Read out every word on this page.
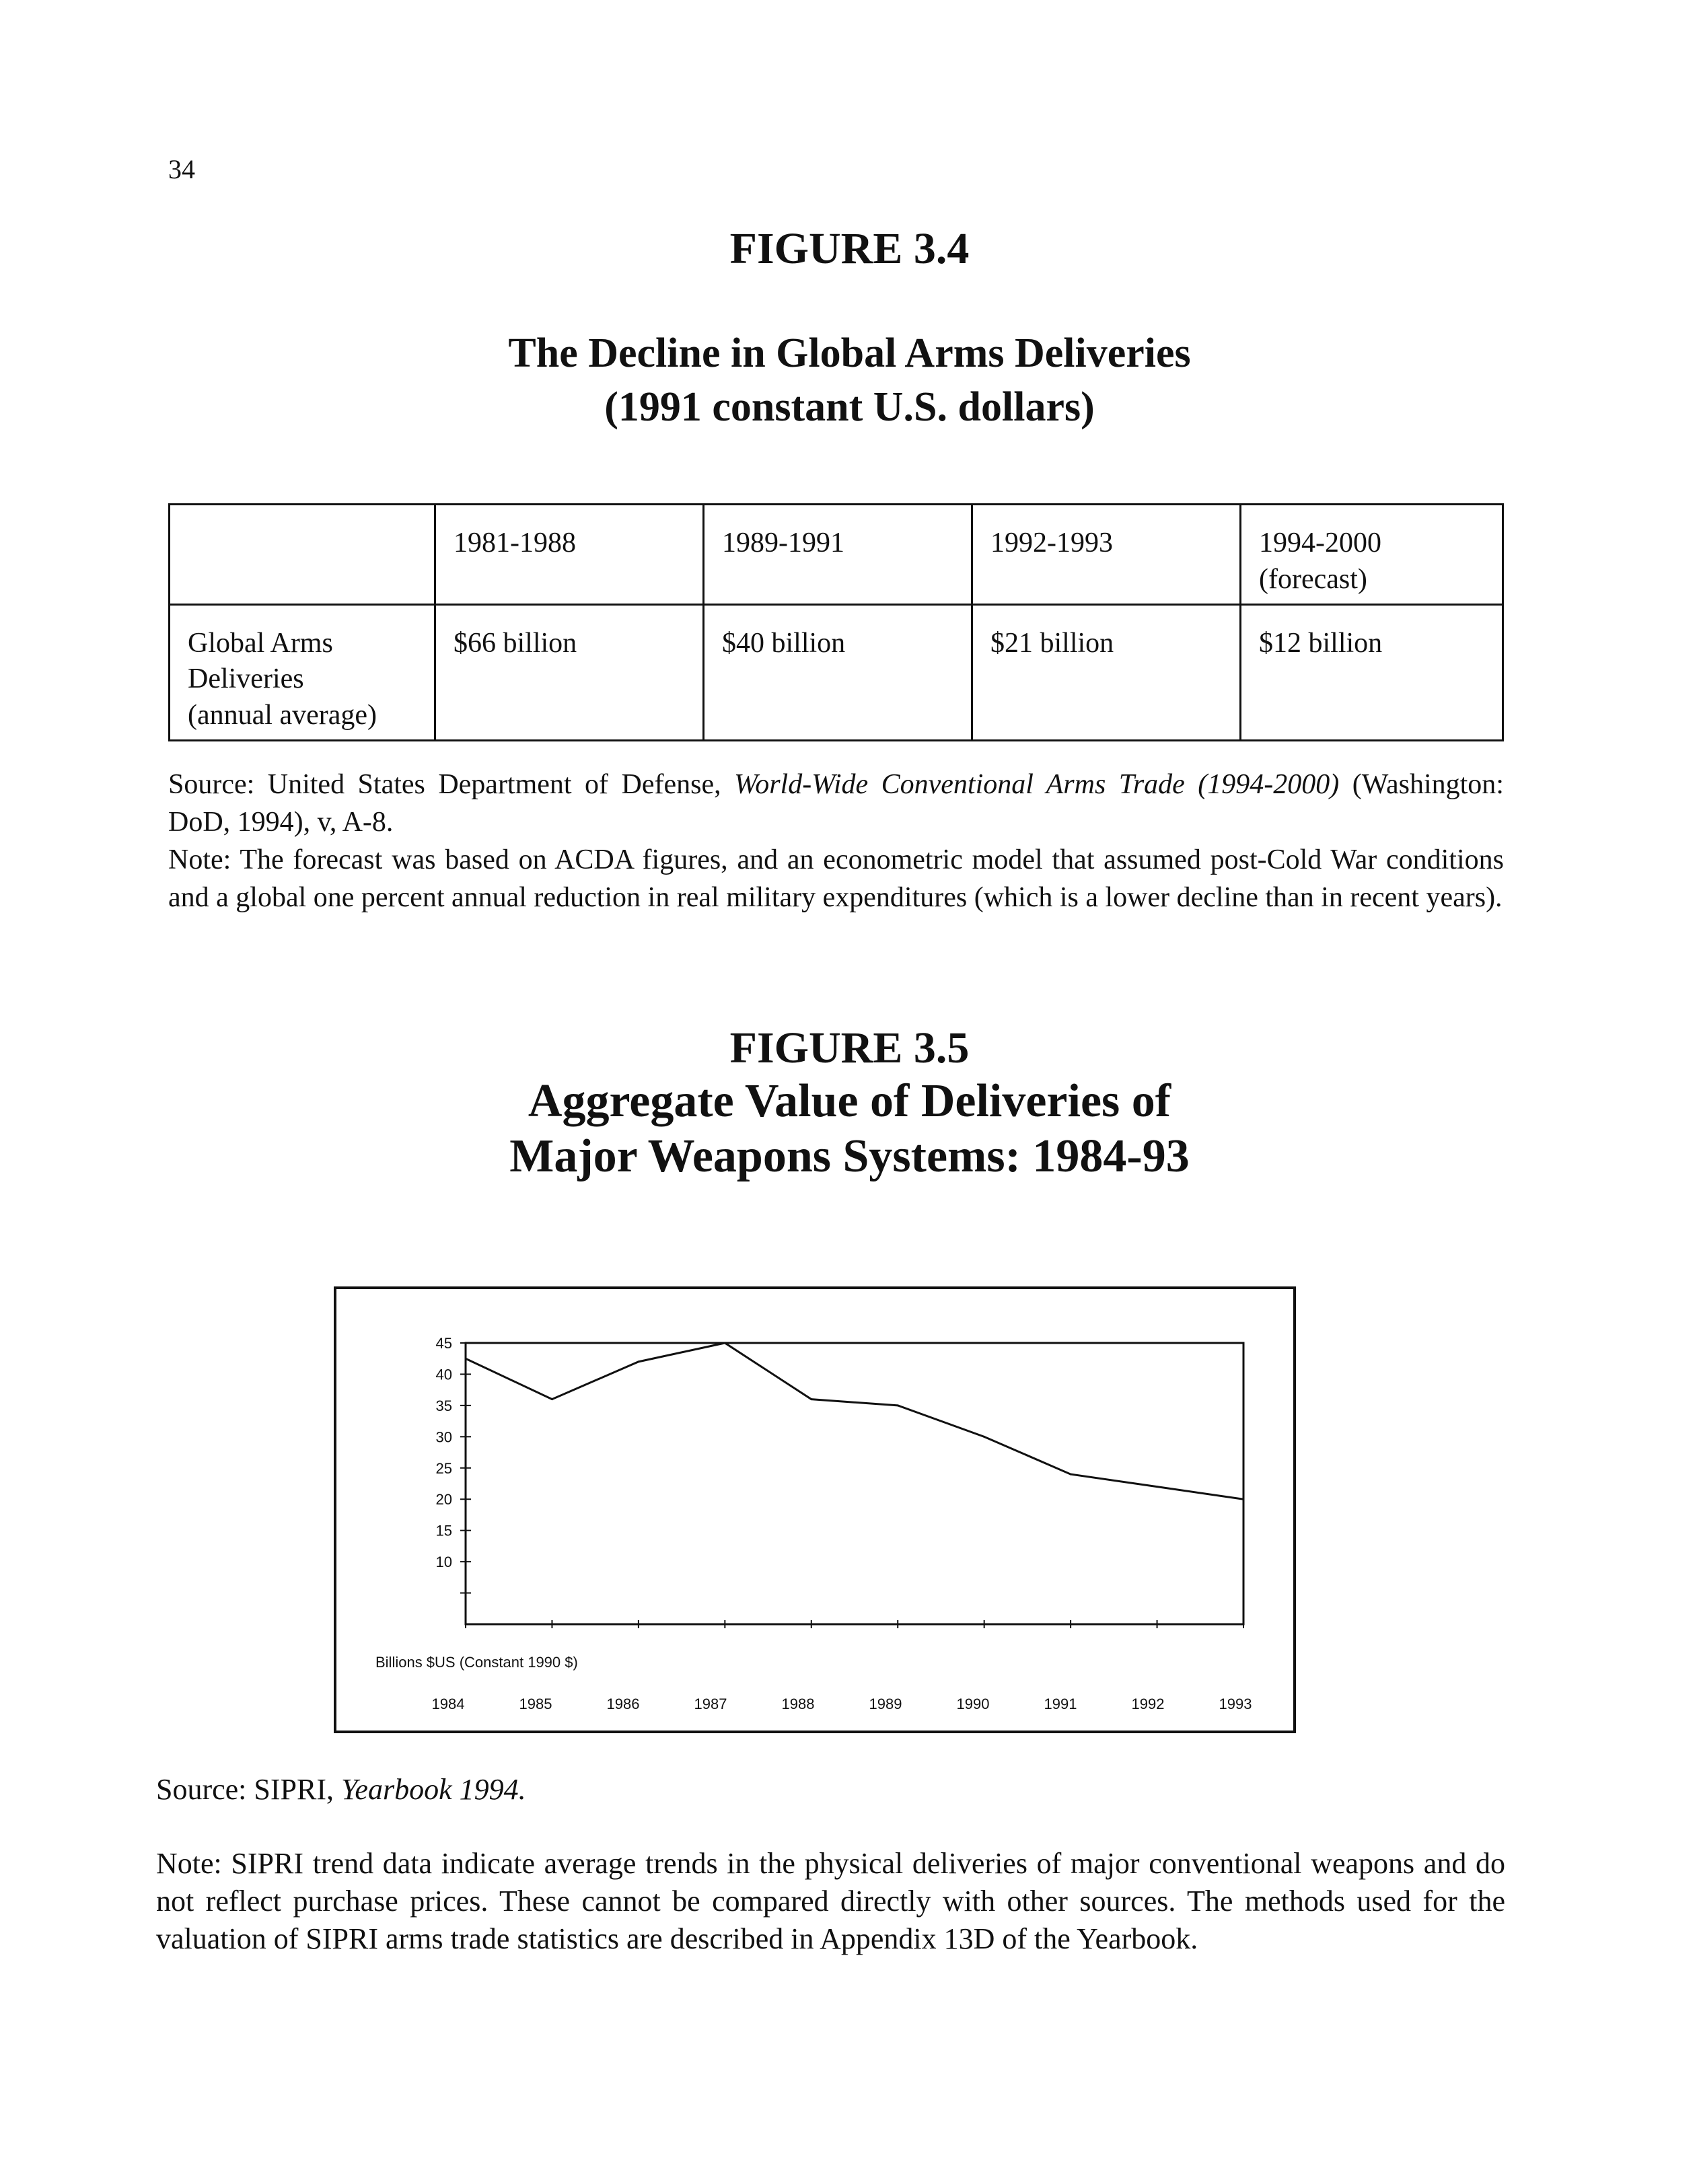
34
FIGURE 3.4
The Decline in Global Arms Deliveries
(1991 constant U.S. dollars)
	1981-1988	1989-1991	1992-1993	1994-2000
(forecast)
Global Arms
Deliveries
(annual average)	$66 billion	$40 billion	$21 billion	$12 billion
Source: United States Department of Defense, World-Wide Conventional Arms Trade (1994-2000) (Washington: DoD, 1994), v, A-8.
Note: The forecast was based on ACDA figures, and an econometric model that assumed post-Cold War conditions and a global one percent annual reduction in real military expenditures (which is a lower decline than in recent years).
FIGURE 3.5
Aggregate Value of Deliveries of
Major Weapons Systems: 1984-93
45
40
35
30
25
20
15
10
1984	1985	1986	1987	1988	1989	1990	1991	1992	1993
Billions $US (Constant 1990 $)
Source: SIPRI, Yearbook 1994.
Note: SIPRI trend data indicate average trends in the physical deliveries of major conventional weapons and do not reflect purchase prices. These cannot be compared directly with other sources. The methods used for the valuation of SIPRI arms trade statistics are described in Appendix 13D of the Yearbook.
